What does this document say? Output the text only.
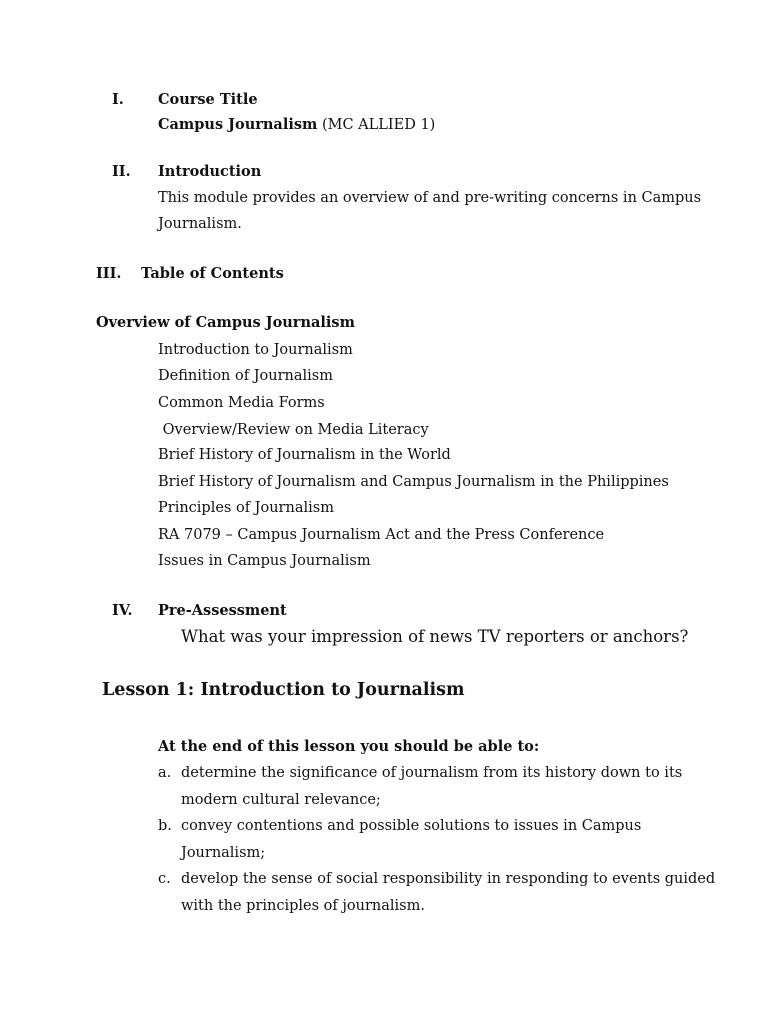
I. Course Title
Campus Journalism (MC ALLIED 1)
II. Introduction
This module provides an overview of and pre-writing concerns in Campus
Journalism.
III. Table of Contents
Overview of Campus Journalism
Introduction to Journalism
Definition of Journalism
Common Media Forms
Overview/Review on Media Literacy
Brief History of Journalism in the World
Brief History of Journalism and Campus Journalism in the Philippines
Principles of Journalism
RA 7079 – Campus Journalism Act and the Press Conference
Issues in Campus Journalism
IV. Pre-Assessment
What was your impression of news TV reporters or anchors?
Lesson 1: Introduction to Journalism
At the end of this lesson you should be able to:
a. determine the significance of journalism from its history down to its
modern cultural relevance;
b. convey contentions and possible solutions to issues in Campus
Journalism;
c. develop the sense of social responsibility in responding to events guided
with the principles of journalism.
